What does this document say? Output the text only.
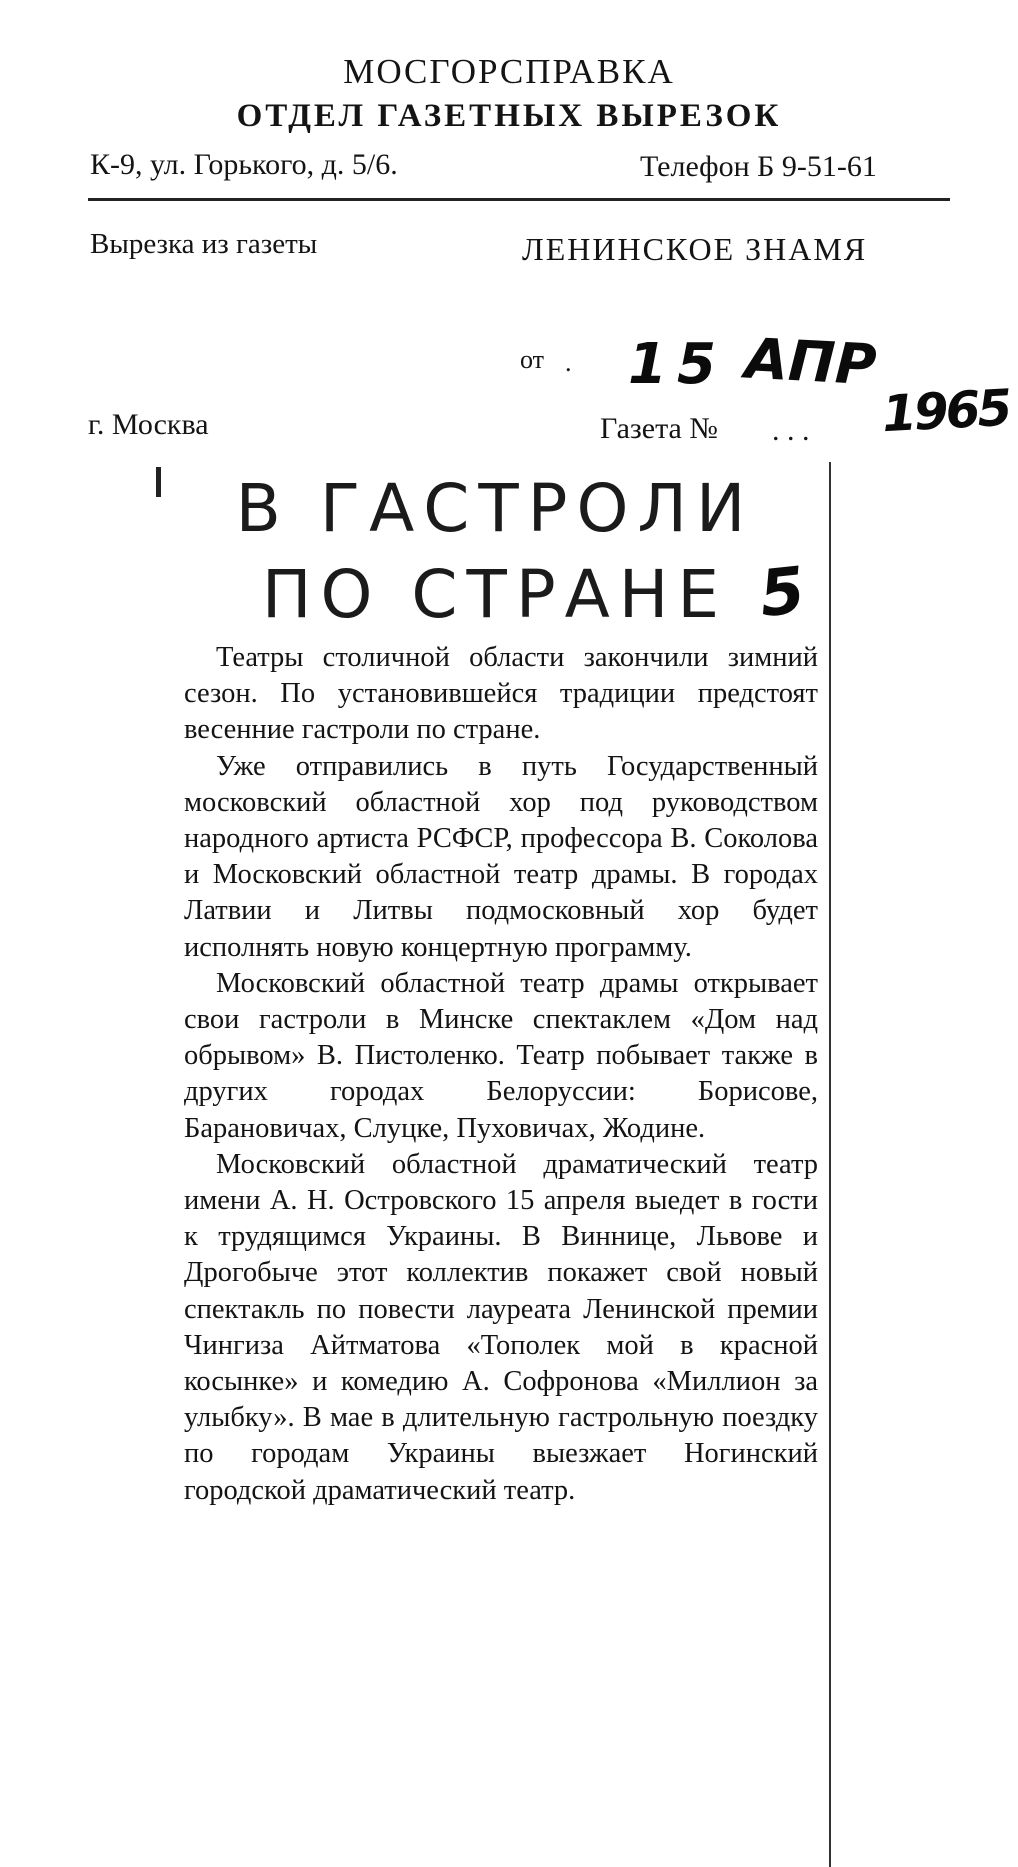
МОСГОРСПРАВКА
ОТДЕЛ ГАЗЕТНЫХ ВЫРЕЗОК
К-9, ул. Горького, д. 5/6.	Телефон Б 9-51-61
Вырезка из газеты	ЛЕНИНСКОЕ ЗНАМЯ
от . 15 АПР
1965
г. Москва	Газета № . . .
В ГАСТРОЛИ
ПО СТРАНЕ 5

Театры столичной области закончили зимний сезон. По установившейся традиции предстоят весенние гастроли по стране.

Уже отправились в путь Государственный московский областной хор под руководством народного артиста РСФСР, профессора В. Соколова и Московский областной театр драмы. В городах Латвии и Литвы подмосковный хор будет исполнять новую концертную программу.

Московский областной театр драмы открывает свои гастроли в Минске спектаклем «Дом над обрывом» В. Пистоленко. Театр побывает также в других городах Белоруссии: Борисове, Барановичах, Слуцке, Пуховичах, Жодине.

Московский областной драматический театр имени А. Н. Островского 15 апреля выедет в гости к трудящимся Украины. В Виннице, Львове и Дрогобыче этот коллектив покажет свой новый спектакль по повести лауреата Ленинской премии Чингиза Айтматова «Тополек мой в красной косынке» и комедию А. Софронова «Миллион за улыбку». В мае в длительную гастрольную поездку по городам Украины выезжает Ногинский городской драматический театр.
